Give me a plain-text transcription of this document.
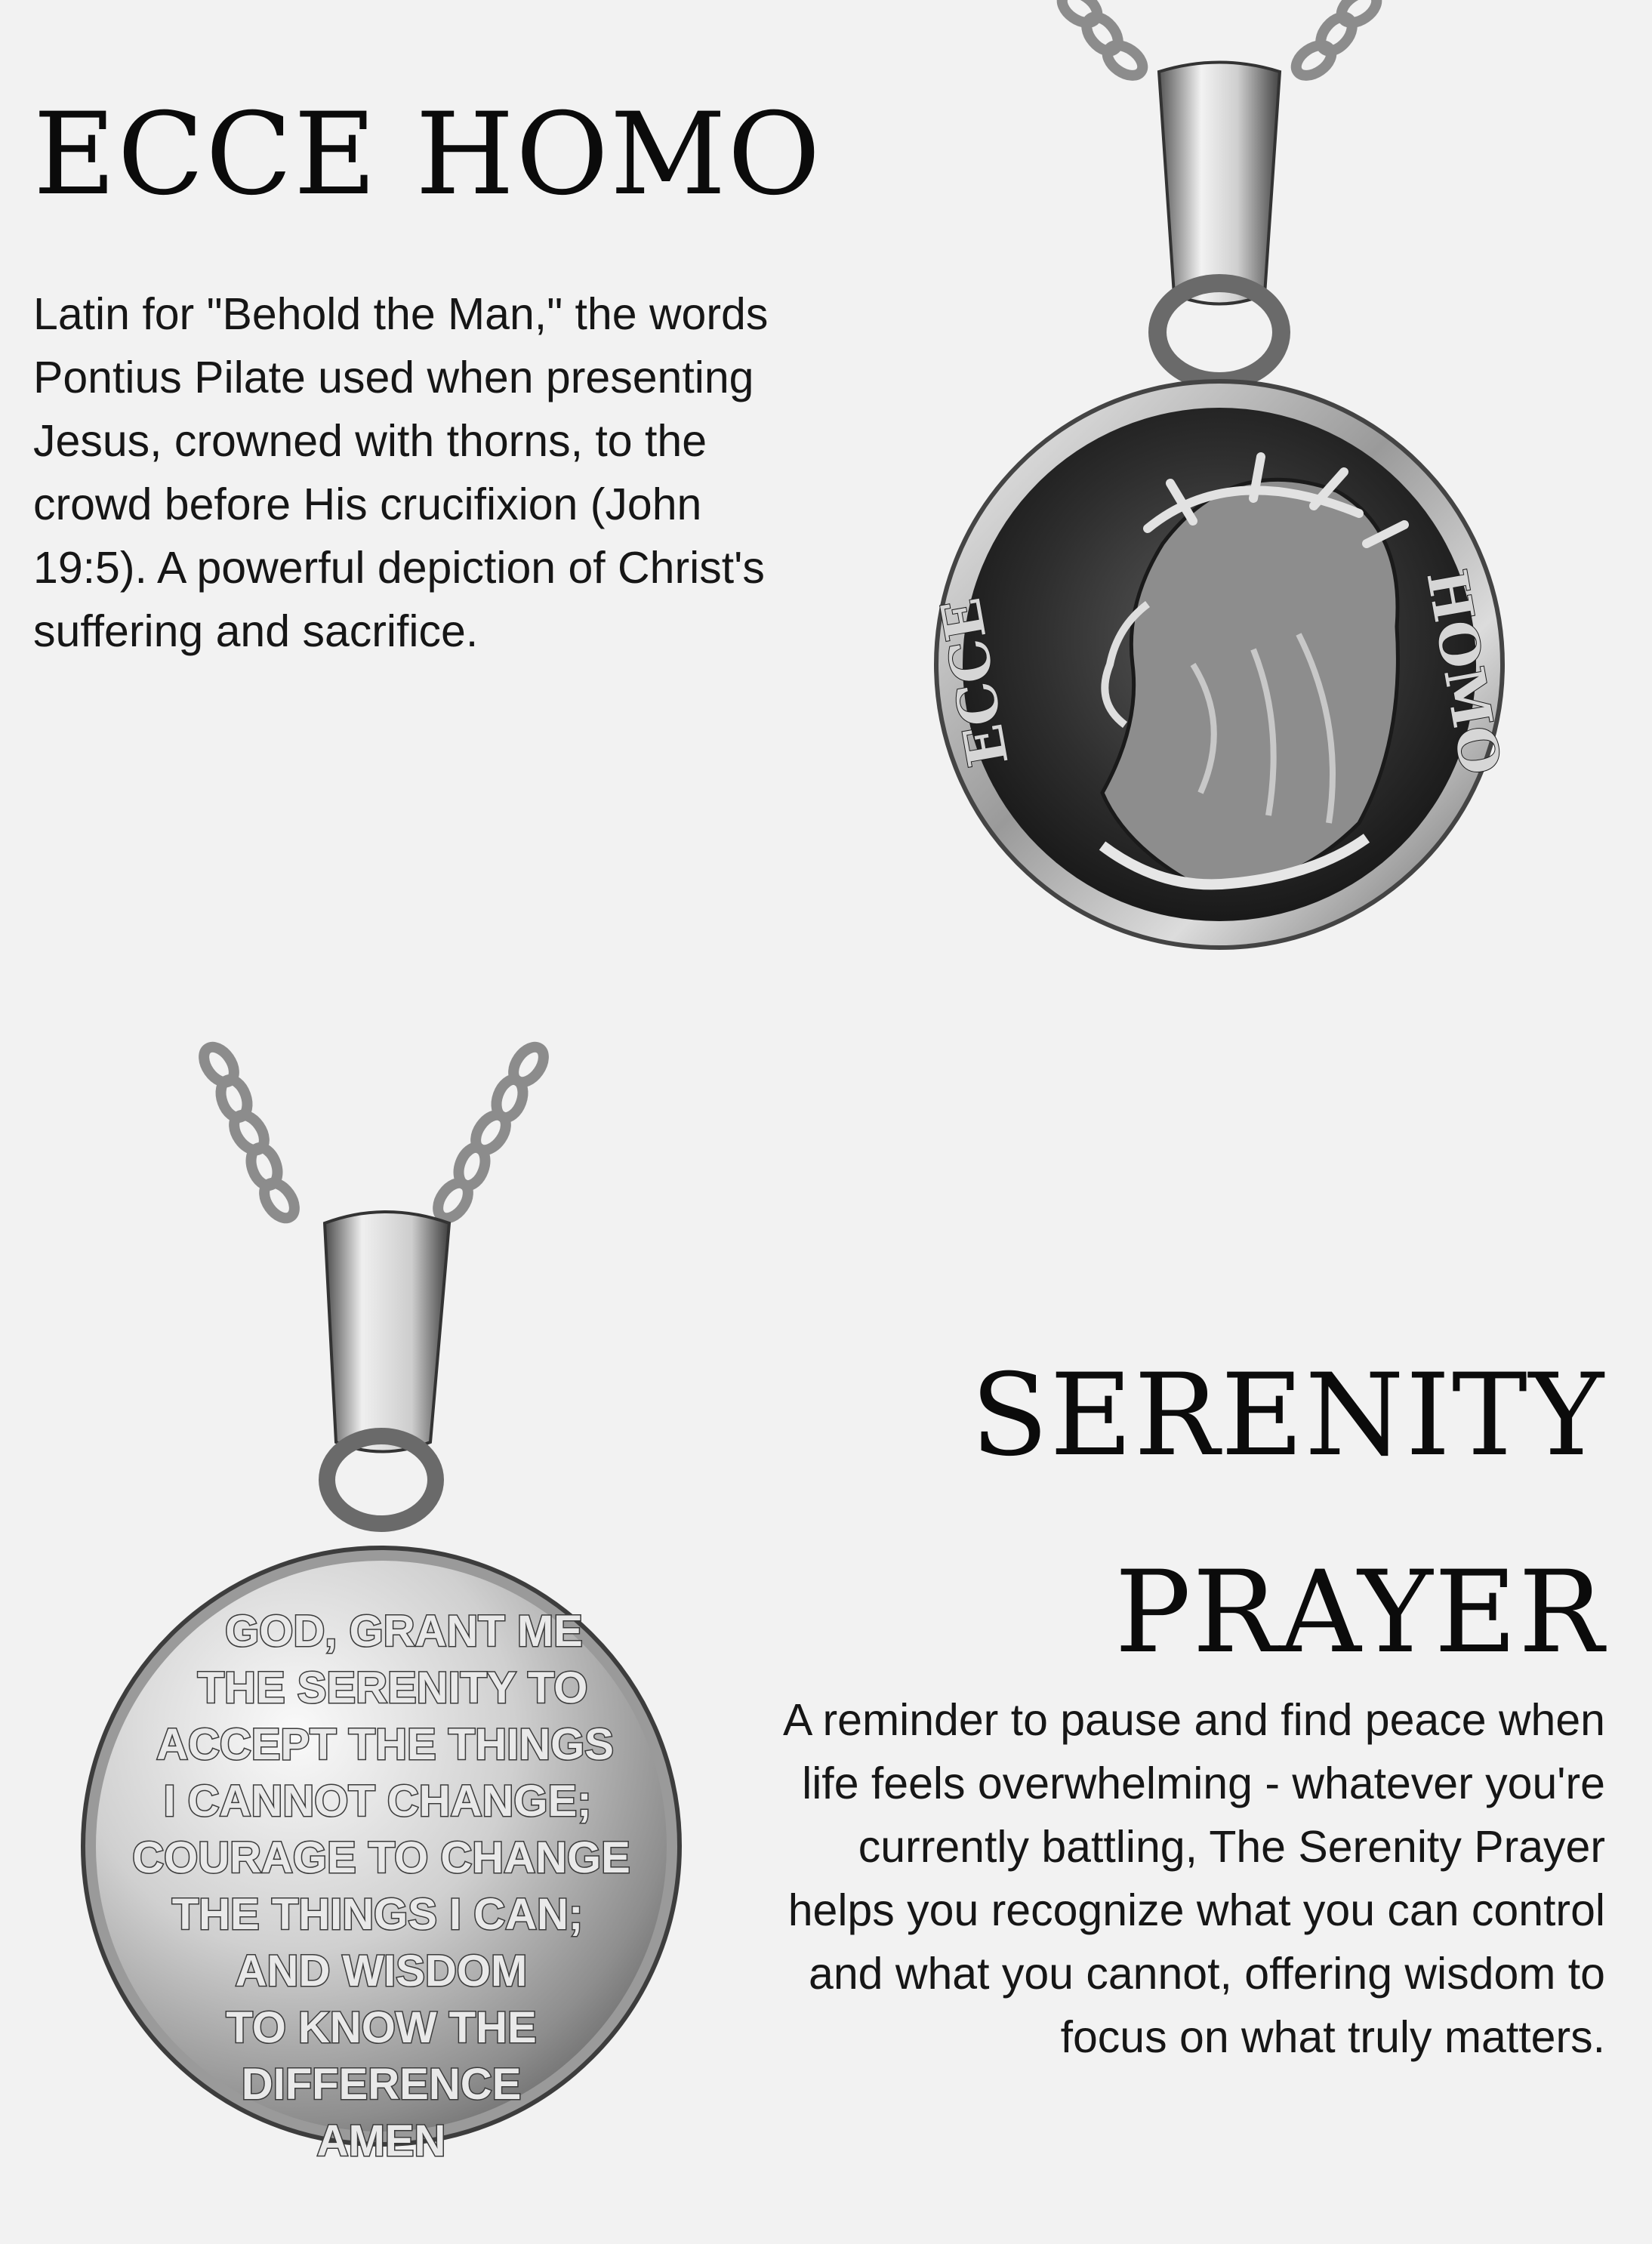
ECCE HOMO

Latin for "Behold the Man," the words Pontius Pilate used when presenting Jesus, crowned with thorns, to the crowd before His crucifixion (John 19:5). A powerful depiction of Christ's suffering and sacrifice.	ECCE	HOMO
GOD, GRANT ME
THE SERENITY TO
ACCEPT THE THINGS
I CANNOT CHANGE;
COURAGE TO CHANGE
THE THINGS I CAN;
AND WISDOM
TO KNOW THE
DIFFERENCE
AMEN
SERENITY
PRAYER

A reminder to pause and find peace when life feels overwhelming - whatever you're currently battling, The Serenity Prayer helps you recognize what you can control and what you cannot, offering wisdom to focus on what truly matters.
